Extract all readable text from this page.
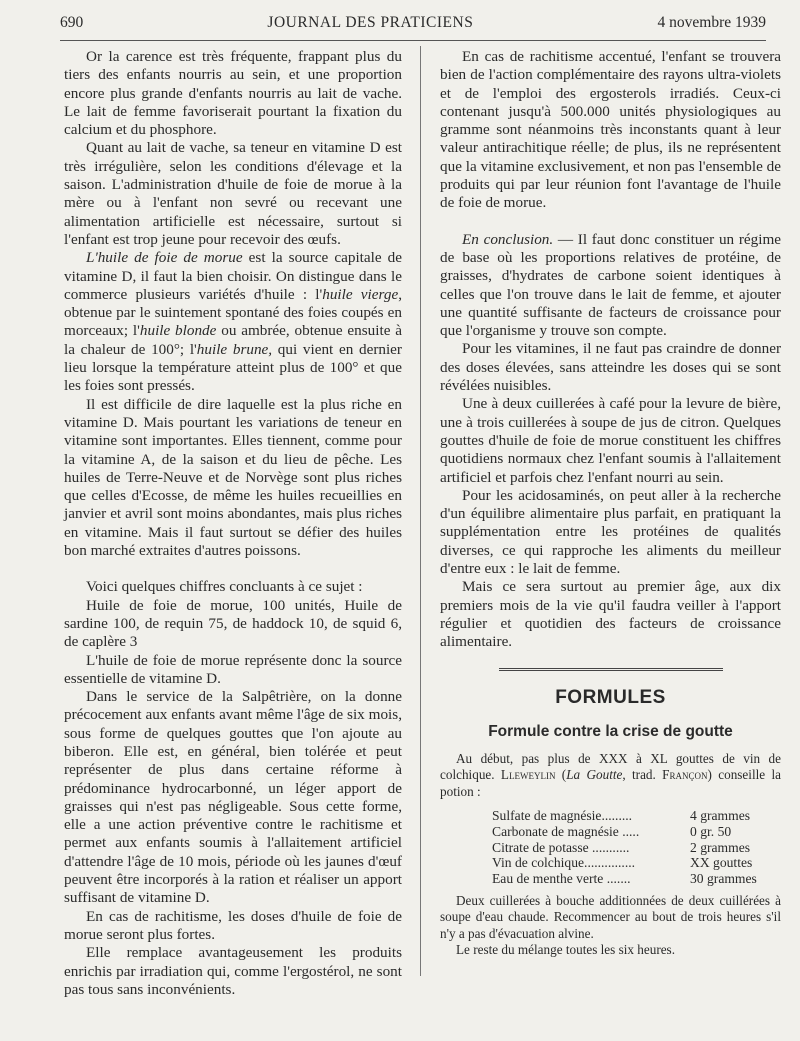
690	JOURNAL DES PRATICIENS	4 novembre 1939

Or la carence est très fréquente, frappant plus du tiers des enfants nourris au sein, et une proportion encore plus grande d'enfants nourris au lait de vache. Le lait de femme favoriserait pourtant la fixation du calcium et du phosphore.

Quant au lait de vache, sa teneur en vitamine D est très irrégulière, selon les conditions d'élevage et la saison. L'administration d'huile de foie de morue à la mère ou à l'enfant non sevré ou recevant une alimentation artificielle est nécessaire, surtout si l'enfant est trop jeune pour recevoir des œufs.

L'huile de foie de morue est la source capitale de vitamine D, il faut la bien choisir. On distingue dans le commerce plusieurs variétés d'huile : l'huile vierge, obtenue par le suintement spontané des foies coupés en morceaux; l'huile blonde ou ambrée, obtenue ensuite à la chaleur de 100°; l'huile brune, qui vient en dernier lieu lorsque la température atteint plus de 100° et que les foies sont pressés.

Il est difficile de dire laquelle est la plus riche en vitamine D. Mais pourtant les variations de teneur en vitamine sont importantes. Elles tiennent, comme pour la vitamine A, de la saison et du lieu de pêche. Les huiles de Terre-Neuve et de Norvège sont plus riches que celles d'Ecosse, de même les huiles recueillies en janvier et avril sont moins abondantes, mais plus riches en vitamine. Mais il faut surtout se défier des huiles bon marché extraites d'autres poissons.

Voici quelques chiffres concluants à ce sujet :

Huile de foie de morue, 100 unités, Huile de sardine 100, de requin 75, de haddock 10, de squid 6, de caplère 3

L'huile de foie de morue représente donc la source essentielle de vitamine D.

Dans le service de la Salpêtrière, on la donne précocement aux enfants avant même l'âge de six mois, sous forme de quelques gouttes que l'on ajoute au biberon. Elle est, en général, bien tolérée et peut représenter de plus dans certaine réforme à prédominance hydrocarbonné, un léger apport de graisses qui n'est pas négligeable. Sous cette forme, elle a une action préventive contre le rachitisme et permet aux enfants soumis à l'allaitement artificiel d'attendre l'âge de 10 mois, période où les jaunes d'œuf peuvent être incorporés à la ration et réaliser un apport suffisant de vitamine D.

En cas de rachitisme, les doses d'huile de foie de morue seront plus fortes.

Elle remplace avantageusement les produits enrichis par irradiation qui, comme l'ergostérol, ne sont pas tous sans inconvénients.

En cas de rachitisme accentué, l'enfant se trouvera bien de l'action complémentaire des rayons ultra-violets et de l'emploi des ergosterols irradiés. Ceux-ci contenant jusqu'à 500.000 unités physiologiques au gramme sont néanmoins très inconstants quant à leur valeur antirachitique réelle; de plus, ils ne représentent que la vitamine exclusivement, et non pas l'ensemble de produits qui par leur réunion font l'avantage de l'huile de foie de morue.

En conclusion. — Il faut donc constituer un régime de base où les proportions relatives de protéine, de graisses, d'hydrates de carbone soient identiques à celles que l'on trouve dans le lait de femme, et ajouter une quantité suffisante de facteurs de croissance pour que l'organisme y trouve son compte.

Pour les vitamines, il ne faut pas craindre de donner des doses élevées, sans atteindre les doses qui se sont révélées nuisibles.

Une à deux cuillerées à café pour la levure de bière, une à trois cuillerées à soupe de jus de citron. Quelques gouttes d'huile de foie de morue constituent les chiffres quotidiens normaux chez l'enfant soumis à l'allaitement artificiel et parfois chez l'enfant nourri au sein.

Pour les acidosaminés, on peut aller à la recherche d'un équilibre alimentaire plus parfait, en pratiquant la supplémentation entre les protéines de qualités diverses, ce qui rapproche les aliments du meilleur d'entre eux : le lait de femme.

Mais ce sera surtout au premier âge, aux dix premiers mois de la vie qu'il faudra veiller à l'apport régulier et quotidien des facteurs de croissance alimentaire.

FORMULES
Formule contre la crise de goutte

Au début, pas plus de XXX à XL gouttes de vin de colchique. Lleweylin (La Goutte, trad. Françon) conseille la potion :

Sulfate de magnésie.........	4 grammes
Carbonate de magnésie .....	0 gr. 50
Citrate de potasse ...........	2 grammes
Vin de colchique...............	XX gouttes
Eau de menthe verte .......	30 grammes

Deux cuillerées à bouche additionnées de deux cuillérées à soupe d'eau chaude. Recommencer au bout de trois heures s'il n'y a pas d'évacuation alvine.

Le reste du mélange toutes les six heures.
